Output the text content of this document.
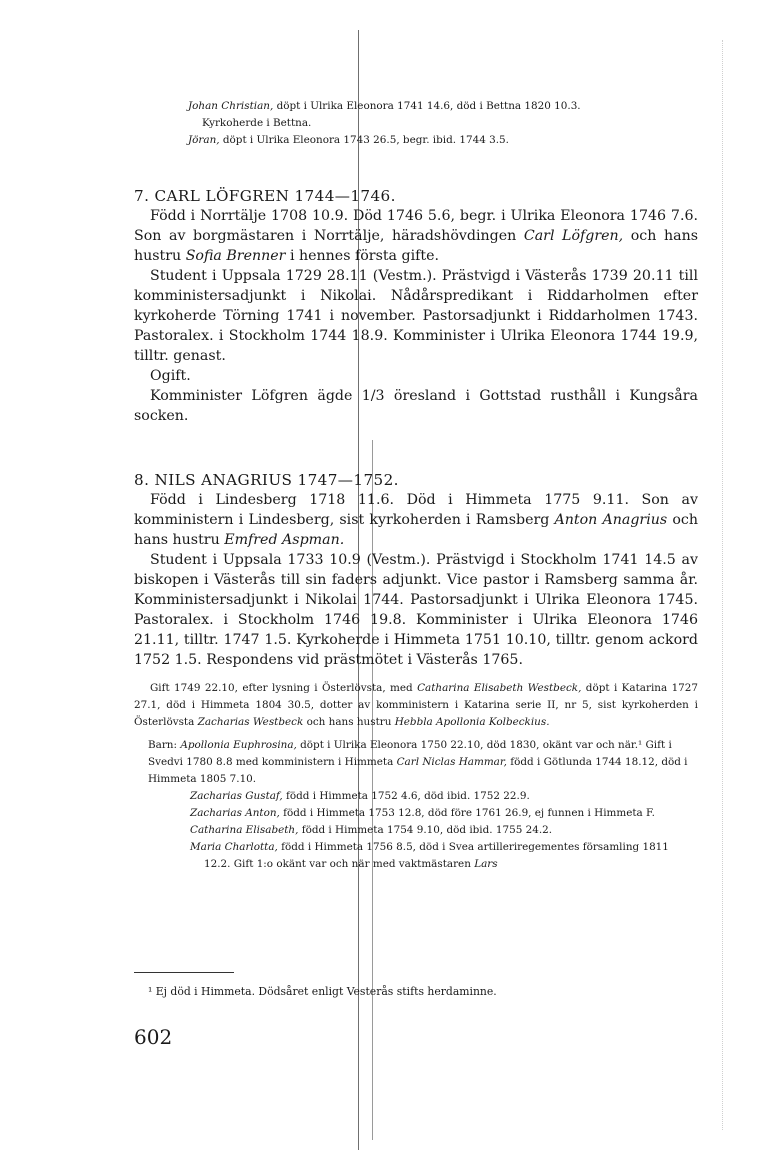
Johan Christian, döpt i Ulrika Eleonora 1741 14.6, död i Bettna 1820 10.3.

Kyrkoherde i Bettna.

Jöran, döpt i Ulrika Eleonora 1743 26.5, begr. ibid. 1744 3.5.

7. CARL LÖFGREN 1744—1746.

Född i Norrtälje 1708 10.9. Död 1746 5.6, begr. i Ulrika Eleonora 1746 7.6. Son av borgmästaren i Norrtälje, häradshövdingen Carl Löfgren, och hans hustru Sofia Brenner i hennes första gifte.

Student i Uppsala 1729 28.11 (Vestm.). Prästvigd i Västerås 1739 20.11 till komministersadjunkt i Nikolai. Nådårspredikant i Riddarholmen efter kyrkoherde Törning 1741 i november. Pastorsadjunkt i Riddarholmen 1743. Pastoralex. i Stockholm 1744 18.9. Komminister i Ulrika Eleonora 1744 19.9, tilltr. genast.

Ogift.

Komminister Löfgren ägde 1/3 öresland i Gottstad rusthåll i Kungsåra socken.

8. NILS ANAGRIUS 1747—1752.

Född i Lindesberg 1718 11.6. Död i Himmeta 1775 9.11. Son av komministern i Lindesberg, sist kyrkoherden i Ramsberg Anton Anagrius och hans hustru Emfred Aspman.

Student i Uppsala 1733 10.9 (Vestm.). Prästvigd i Stockholm 1741 14.5 av biskopen i Västerås till sin faders adjunkt. Vice pastor i Ramsberg samma år. Komministersadjunkt i Nikolai 1744. Pastorsadjunkt i Ulrika Eleonora 1745. Pastoralex. i Stockholm 1746 19.8. Komminister i Ulrika Eleonora 1746 21.11, tilltr. 1747 1.5. Kyrkoherde i Himmeta 1751 10.10, tilltr. genom ackord 1752 1.5. Respondens vid prästmötet i Västerås 1765.

Gift 1749 22.10, efter lysning i Österlövsta, med Catharina Elisabeth Westbeck, döpt i Katarina 1727 27.1, död i Himmeta 1804 30.5, dotter av komministern i Katarina serie II, nr 5, sist kyrkoherden i Österlövsta Zacharias Westbeck och hans hustru Hebbla Apollonia Kolbeckius.

Barn: Apollonia Euphrosina, döpt i Ulrika Eleonora 1750 22.10, död 1830, okänt var och när.¹ Gift i Svedvi 1780 8.8 med komministern i Himmeta Carl Niclas Hammar, född i Götlunda 1744 18.12, död i Himmeta 1805 7.10.

Zacharias Gustaf, född i Himmeta 1752 4.6, död ibid. 1752 22.9.

Zacharias Anton, född i Himmeta 1753 12.8, död före 1761 26.9, ej funnen i Himmeta F.

Catharina Elisabeth, född i Himmeta 1754 9.10, död ibid. 1755 24.2.

Maria Charlotta, född i Himmeta 1756 8.5, död i Svea artilleriregementes församling 1811 12.2. Gift 1:o okänt var och när med vaktmästaren Lars

¹ Ej död i Himmeta. Dödsåret enligt Vesterås stifts herdaminne.

602
